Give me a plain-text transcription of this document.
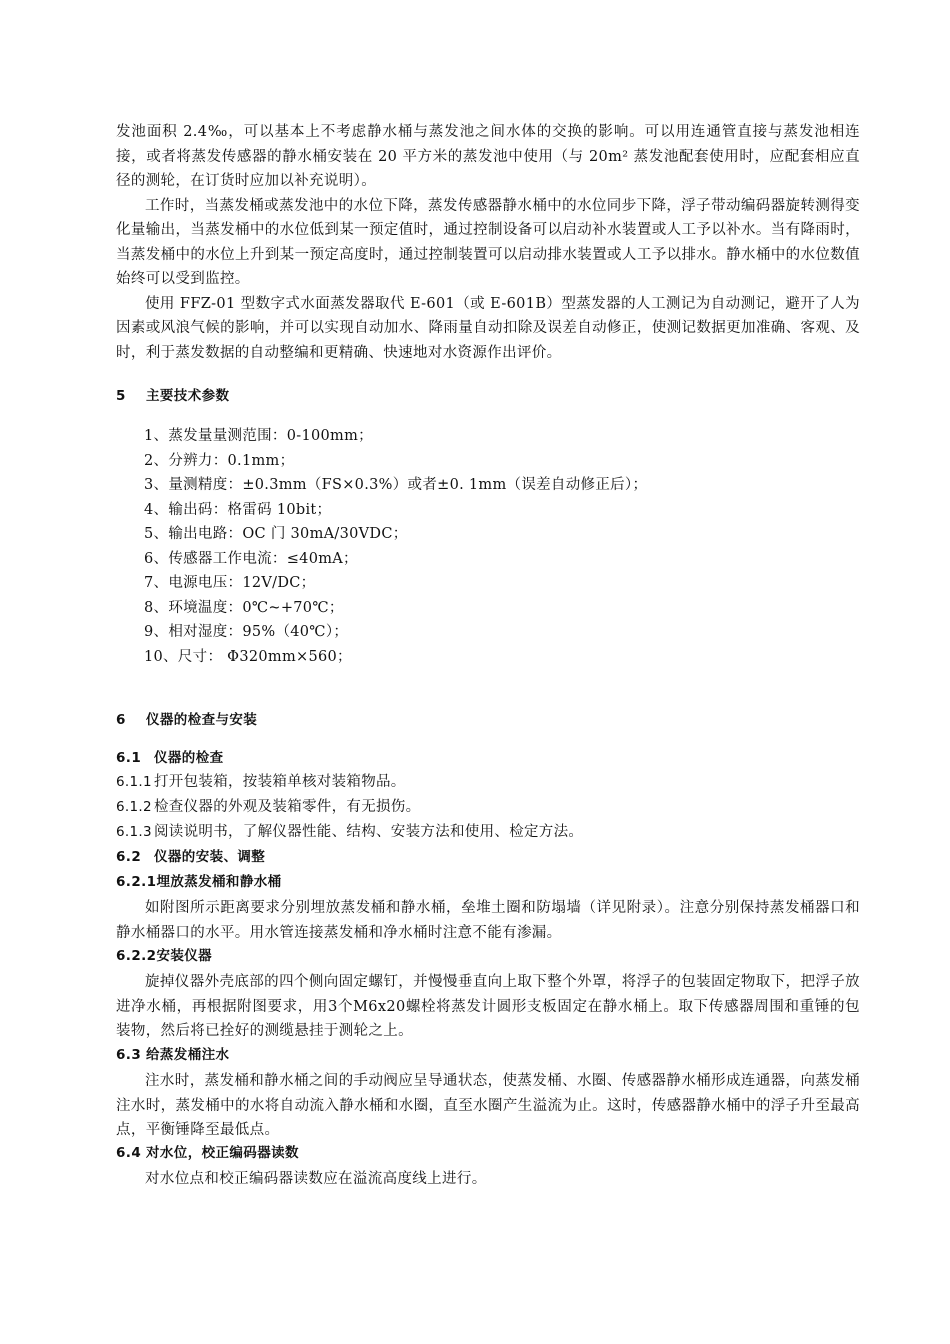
发池面积 2.4‰，可以基本上不考虑静水桶与蒸发池之间水体的交换的影响。可以用连通管直接与蒸发池相连接，或者将蒸发传感器的静水桶安装在 20 平方米的蒸发池中使用（与 20m² 蒸发池配套使用时，应配套相应直径的测轮，在订货时应加以补充说明）。

工作时，当蒸发桶或蒸发池中的水位下降，蒸发传感器静水桶中的水位同步下降，浮子带动编码器旋转测得变化量输出，当蒸发桶中的水位低到某一预定值时，通过控制设备可以启动补水装置或人工予以补水。当有降雨时，当蒸发桶中的水位上升到某一预定高度时，通过控制装置可以启动排水装置或人工予以排水。静水桶中的水位数值始终可以受到监控。

使用 FFZ-01 型数字式水面蒸发器取代 E-601（或 E-601B）型蒸发器的人工测记为自动测记，避开了人为因素或风浪气候的影响，并可以实现自动加水、降雨量自动扣除及误差自动修正，使测记数据更加准确、客观、及时，利于蒸发数据的自动整编和更精确、快速地对水资源作出评价。

5 主要技术参数

1、蒸发量量测范围：0-100mm；

2、分辨力：0.1mm；

3、量测精度：±0.3mm（FS×0.3%）或者±0. 1mm（误差自动修正后）；

4、输出码：格雷码 10bit；

5、输出电路：OC 门 30mA/30VDC；

6、传感器工作电流：≤40mA；

7、电源电压：12V/DC；

8、环境温度：0℃~+70℃；

9、相对湿度：95%（40℃）；

10、尺寸： Φ320mm×560；

6 仪器的检查与安装
6.1 仪器的检查
6.1.1 打开包装箱，按装箱单核对装箱物品。
6.1.2 检查仪器的外观及装箱零件，有无损伤。
6.1.3 阅读说明书，了解仪器性能、结构、安装方法和使用、检定方法。
6.2 仪器的安装、调整
6.2.1埋放蒸发桶和静水桶

如附图所示距离要求分别埋放蒸发桶和静水桶，垒堆土圈和防塌墙（详见附录）。注意分别保持蒸发桶器口和静水桶器口的水平。用水管连接蒸发桶和净水桶时注意不能有渗漏。

6.2.2安装仪器

旋掉仪器外壳底部的四个侧向固定螺钉，并慢慢垂直向上取下整个外罩，将浮子的包装固定物取下，把浮子放进净水桶，再根据附图要求，用3个M6x20螺栓将蒸发计圆形支板固定在静水桶上。取下传感器周围和重锤的包装物，然后将已拴好的测缆悬挂于测轮之上。

6.3 给蒸发桶注水

注水时，蒸发桶和静水桶之间的手动阀应呈导通状态，使蒸发桶、水圈、传感器静水桶形成连通器，向蒸发桶注水时，蒸发桶中的水将自动流入静水桶和水圈，直至水圈产生溢流为止。这时，传感器静水桶中的浮子升至最高点，平衡锤降至最低点。

6.4 对水位，校正编码器读数

对水位点和校正编码器读数应在溢流高度线上进行。
